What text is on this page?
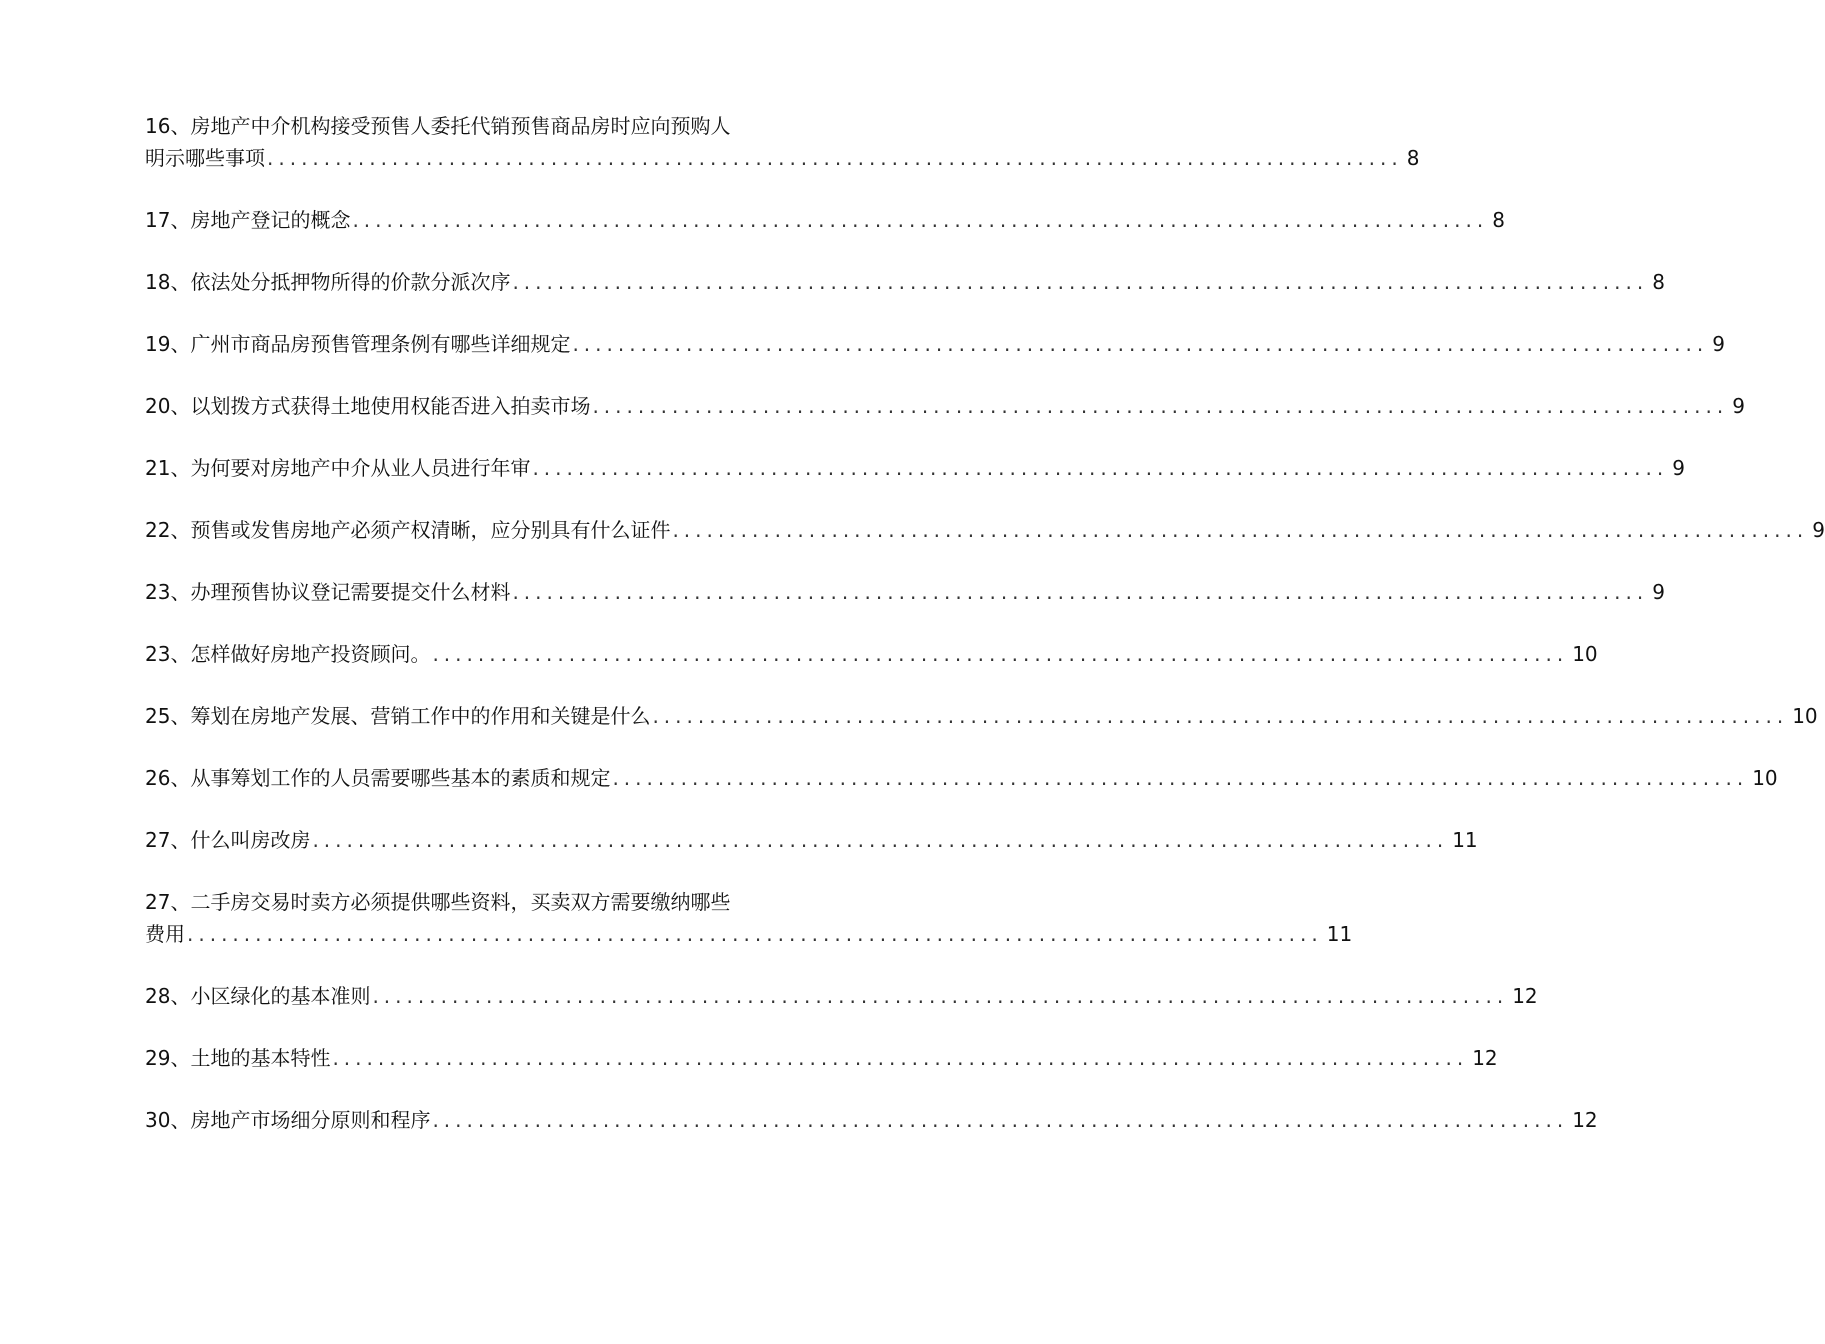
16、房地产中介机构接受预售人委托代销预售商品房时应向预购人
明示哪些事项 .................................................................................................... 8
17、房地产登记的概念 .................................................................................................... 8
18、依法处分抵押物所得的价款分派次序 .................................................................................................... 8
19、广州市商品房预售管理条例有哪些详细规定 .................................................................................................... 9
20、以划拨方式获得土地使用权能否进入拍卖市场 .................................................................................................... 9
21、为何要对房地产中介从业人员进行年审 .................................................................................................... 9
22、预售或发售房地产必须产权清晰，应分别具有什么证件 .................................................................................................... 9
23、办理预售协议登记需要提交什么材料 .................................................................................................... 9
23、怎样做好房地产投资顾问。 .................................................................................................... 10
25、筹划在房地产发展、营销工作中的作用和关键是什么 .................................................................................................... 10
26、从事筹划工作的人员需要哪些基本的素质和规定 .................................................................................................... 10
27、什么叫房改房 .................................................................................................... 11
27、二手房交易时卖方必须提供哪些资料，买卖双方需要缴纳哪些
费用 .................................................................................................... 11
28、小区绿化的基本准则 .................................................................................................... 12
29、土地的基本特性 .................................................................................................... 12
30、房地产市场细分原则和程序 .................................................................................................... 12
